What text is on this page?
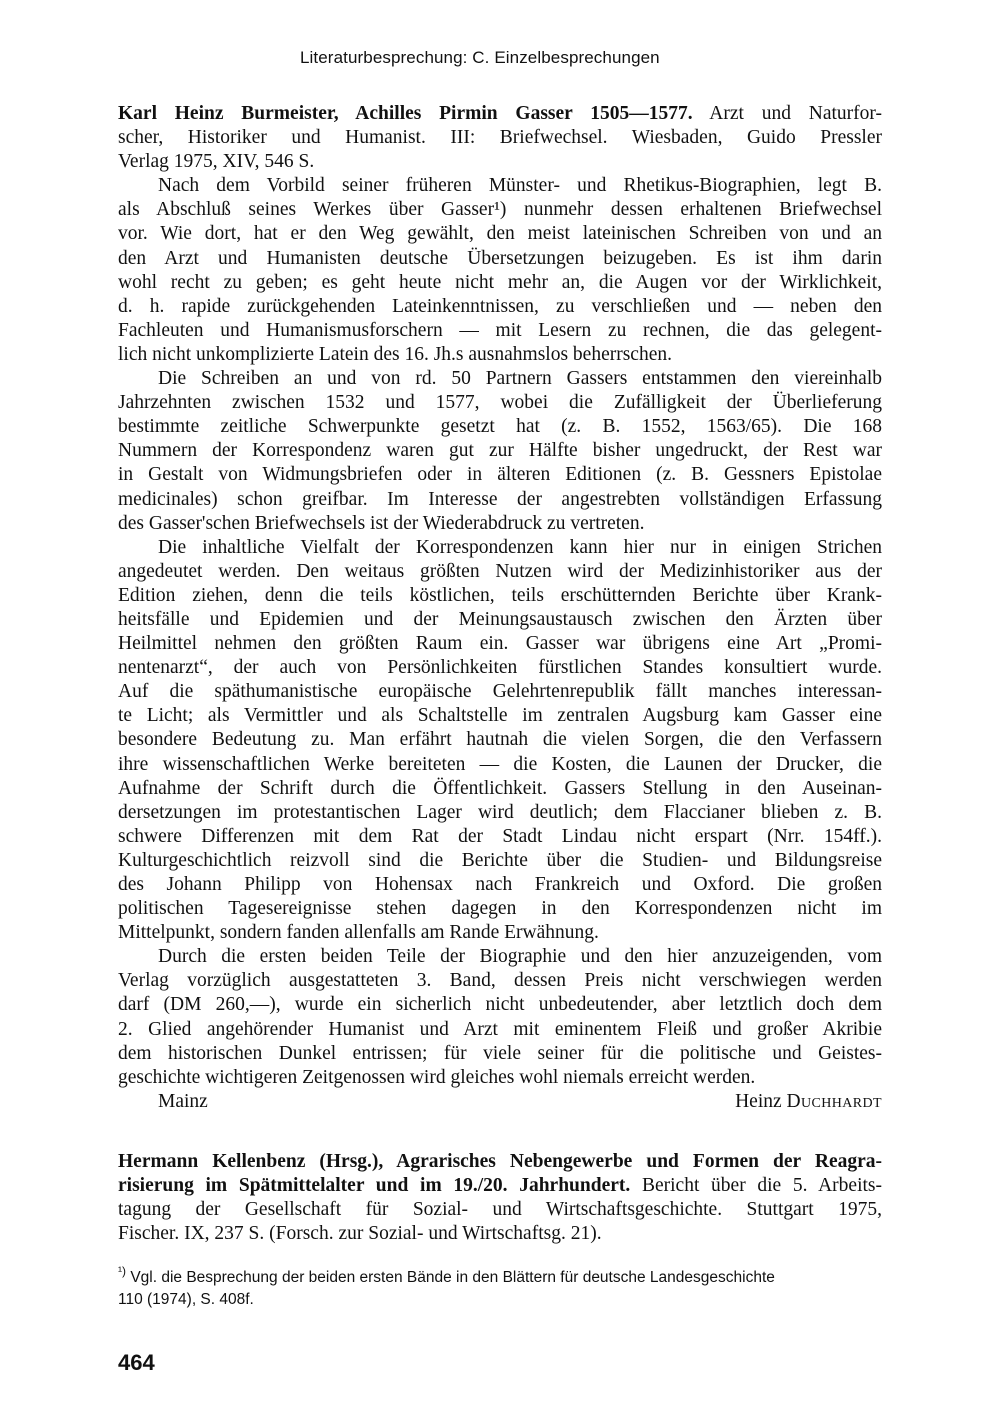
Literaturbesprechung: C. Einzelbesprechungen
Karl Heinz Burmeister, Achilles Pirmin Gasser 1505—1577. Arzt und Naturfor-
scher, Historiker und Humanist. III: Briefwechsel. Wiesbaden, Guido Pressler
Verlag 1975, XIV, 546 S.
Nach dem Vorbild seiner früheren Münster- und Rhetikus-Biographien, legt B.
als Abschluß seines Werkes über Gasser¹) nunmehr dessen erhaltenen Briefwechsel
vor. Wie dort, hat er den Weg gewählt, den meist lateinischen Schreiben von und an
den Arzt und Humanisten deutsche Übersetzungen beizugeben. Es ist ihm darin
wohl recht zu geben; es geht heute nicht mehr an, die Augen vor der Wirklichkeit,
d. h. rapide zurückgehenden Lateinkenntnissen, zu verschließen und — neben den
Fachleuten und Humanismusforschern — mit Lesern zu rechnen, die das gelegent-
lich nicht unkomplizierte Latein des 16. Jh.s ausnahmslos beherrschen.
Die Schreiben an und von rd. 50 Partnern Gassers entstammen den viereinhalb
Jahrzehnten zwischen 1532 und 1577, wobei die Zufälligkeit der Überlieferung
bestimmte zeitliche Schwerpunkte gesetzt hat (z. B. 1552, 1563/65). Die 168
Nummern der Korrespondenz waren gut zur Hälfte bisher ungedruckt, der Rest war
in Gestalt von Widmungsbriefen oder in älteren Editionen (z. B. Gessners Epistolae
medicinales) schon greifbar. Im Interesse der angestrebten vollständigen Erfassung
des Gasser'schen Briefwechsels ist der Wiederabdruck zu vertreten.
Die inhaltliche Vielfalt der Korrespondenzen kann hier nur in einigen Strichen
angedeutet werden. Den weitaus größten Nutzen wird der Medizinhistoriker aus der
Edition ziehen, denn die teils köstlichen, teils erschütternden Berichte über Krank-
heitsfälle und Epidemien und der Meinungsaustausch zwischen den Ärzten über
Heilmittel nehmen den größten Raum ein. Gasser war übrigens eine Art „Promi-
nentenarzt“, der auch von Persönlichkeiten fürstlichen Standes konsultiert wurde.
Auf die späthumanistische europäische Gelehrtenrepublik fällt manches interessan-
te Licht; als Vermittler und als Schaltstelle im zentralen Augsburg kam Gasser eine
besondere Bedeutung zu. Man erfährt hautnah die vielen Sorgen, die den Verfassern
ihre wissenschaftlichen Werke bereiteten — die Kosten, die Launen der Drucker, die
Aufnahme der Schrift durch die Öffentlichkeit. Gassers Stellung in den Auseinan-
dersetzungen im protestantischen Lager wird deutlich; dem Flaccianer blieben z. B.
schwere Differenzen mit dem Rat der Stadt Lindau nicht erspart (Nrr. 154ff.).
Kulturgeschichtlich reizvoll sind die Berichte über die Studien- und Bildungsreise
des Johann Philipp von Hohensax nach Frankreich und Oxford. Die großen
politischen Tagesereignisse stehen dagegen in den Korrespondenzen nicht im
Mittelpunkt, sondern fanden allenfalls am Rande Erwähnung.
Durch die ersten beiden Teile der Biographie und den hier anzuzeigenden, vom
Verlag vorzüglich ausgestatteten 3. Band, dessen Preis nicht verschwiegen werden
darf (DM 260,—), wurde ein sicherlich nicht unbedeutender, aber letztlich doch dem
2. Glied angehörender Humanist und Arzt mit eminentem Fleiß und großer Akribie
dem historischen Dunkel entrissen; für viele seiner für die politische und Geistes-
geschichte wichtigeren Zeitgenossen wird gleiches wohl niemals erreicht werden.
Mainz	Heinz Duchhardt
Hermann Kellenbenz (Hrsg.), Agrarisches Nebengewerbe und Formen der Reagra-
risierung im Spätmittelalter und im 19./20. Jahrhundert. Bericht über die 5. Arbeits-
tagung der Gesellschaft für Sozial- und Wirtschaftsgeschichte. Stuttgart 1975,
Fischer. IX, 237 S. (Forsch. zur Sozial- und Wirtschaftsg. 21).
$^{^1)}$ Vgl. die Besprechung der beiden ersten Bände in den Blättern für deutsche Landesgeschichte
110 (1974), S. 408f.
464
